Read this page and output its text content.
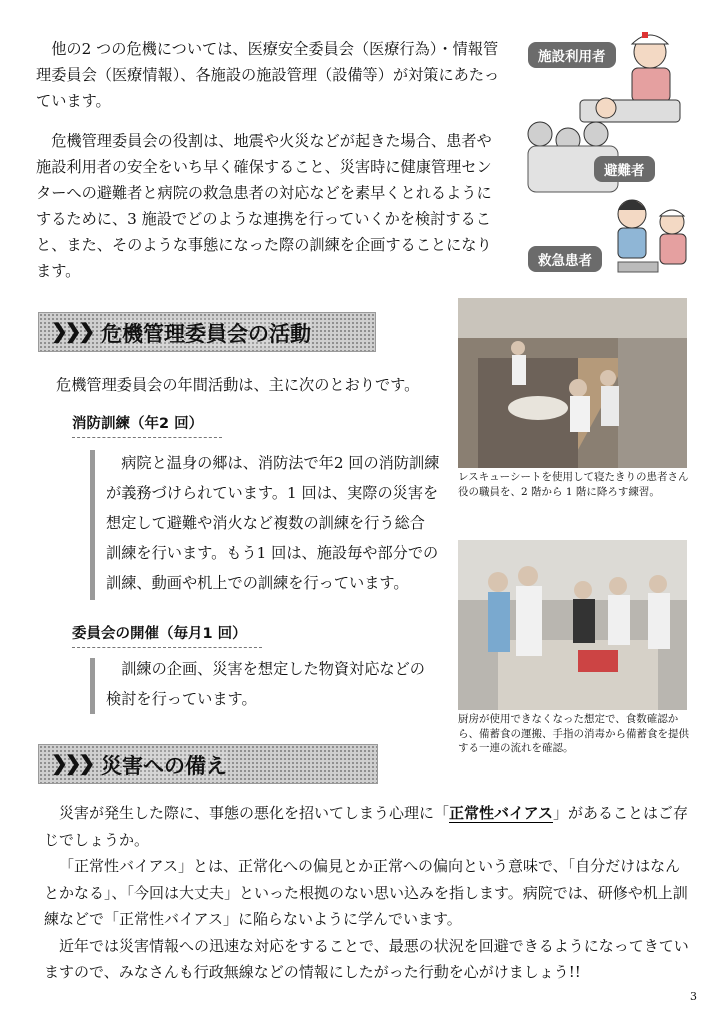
他の2 つの危機については、医療安全委員会（医療行為）・情報管理委員会（医療情報）、各施設の施設管理（設備等）が対策にあたっています。

危機管理委員会の役割は、地震や火災などが起きた場合、患者や施設利用者の安全をいち早く確保すること、災害時に健康管理センターへの避難者と病院の救急患者の対応などを素早くとれるようにするために、3 施設でどのような連携を行っていくかを検討すること、また、そのような事態になった際の訓練を企画することになります。

施設利用者
避難者
救急患者
❯❯❯ 危機管理委員会の活動

危機管理委員会の年間活動は、主に次のとおりです。

消防訓練（年2 回）

病院と温身の郷は、消防法で年2 回の消防訓練が義務づけられています。1 回は、実際の災害を想定して避難や消火など複数の訓練を行う総合訓練を行います。もう1 回は、施設毎や部分での訓練、動画や机上での訓練を行っています。

委員会の開催（毎月1 回）

訓練の企画、災害を想定した物資対応などの検討を行っています。

レスキューシートを使用して寝たきりの患者さん役の職員を、2 階から 1 階に降ろす練習。

厨房が使用できなくなった想定で、食数確認から、備蓄食の運搬、手指の消毒から備蓄食を提供する一連の流れを確認。

❯❯❯ 災害への備え

災害が発生した際に、事態の悪化を招いてしまう心理に「正常性バイアス」があることはご存じでしょうか。

「正常性バイアス」とは、正常化への偏見とか正常への偏向という意味で、「自分だけはなんとかなる」、「今回は大丈夫」といった根拠のない思い込みを指します。病院では、研修や机上訓練などで「正常性バイアス」に陥らないように学んでいます。

近年では災害情報への迅速な対応をすることで、最悪の状況を回避できるようになってきていますので、みなさんも行政無線などの情報にしたがった行動を心がけましょう!!

3
